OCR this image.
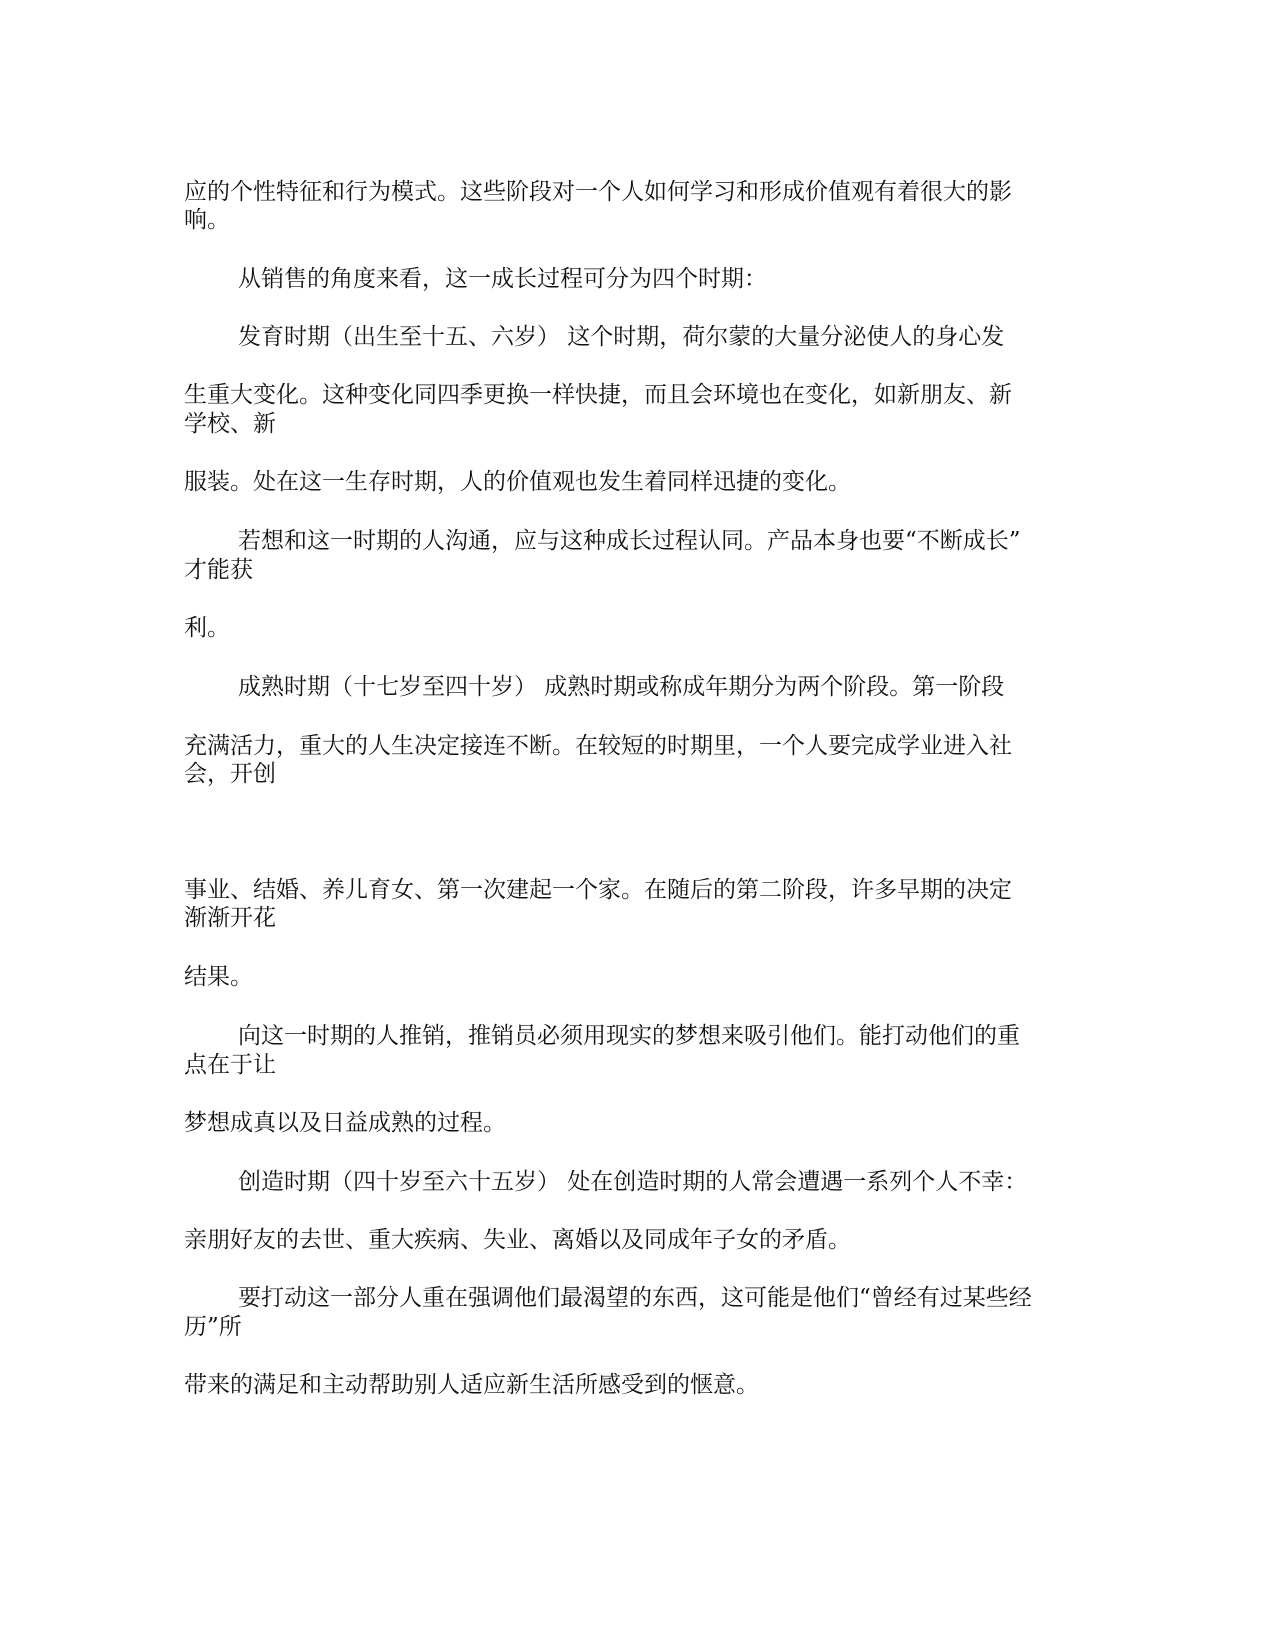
应的个性特征和行为模式。这些阶段对一个人如何学习和形成价值观有着很大的影
响。
从销售的角度来看，这一成长过程可分为四个时期：
发育时期（出生至十五、六岁） 这个时期，荷尔蒙的大量分泌使人的身心发
生重大变化。这种变化同四季更换一样快捷，而且会环境也在变化，如新朋友、新
学校、新
服装。处在这一生存时期，人的价值观也发生着同样迅捷的变化。
若想和这一时期的人沟通，应与这种成长过程认同。产品本身也要“不断成长”
才能获
利。
成熟时期（十七岁至四十岁） 成熟时期或称成年期分为两个阶段。第一阶段
充满活力，重大的人生决定接连不断。在较短的时期里，一个人要完成学业进入社
会，开创
事业、结婚、养儿育女、第一次建起一个家。在随后的第二阶段，许多早期的决定
渐渐开花
结果。
向这一时期的人推销，推销员必须用现实的梦想来吸引他们。能打动他们的重
点在于让
梦想成真以及日益成熟的过程。
创造时期（四十岁至六十五岁） 处在创造时期的人常会遭遇一系列个人不幸：
亲朋好友的去世、重大疾病、失业、离婚以及同成年子女的矛盾。
要打动这一部分人重在强调他们最渴望的东西，这可能是他们“曾经有过某些经
历”所
带来的满足和主动帮助别人适应新生活所感受到的惬意。
